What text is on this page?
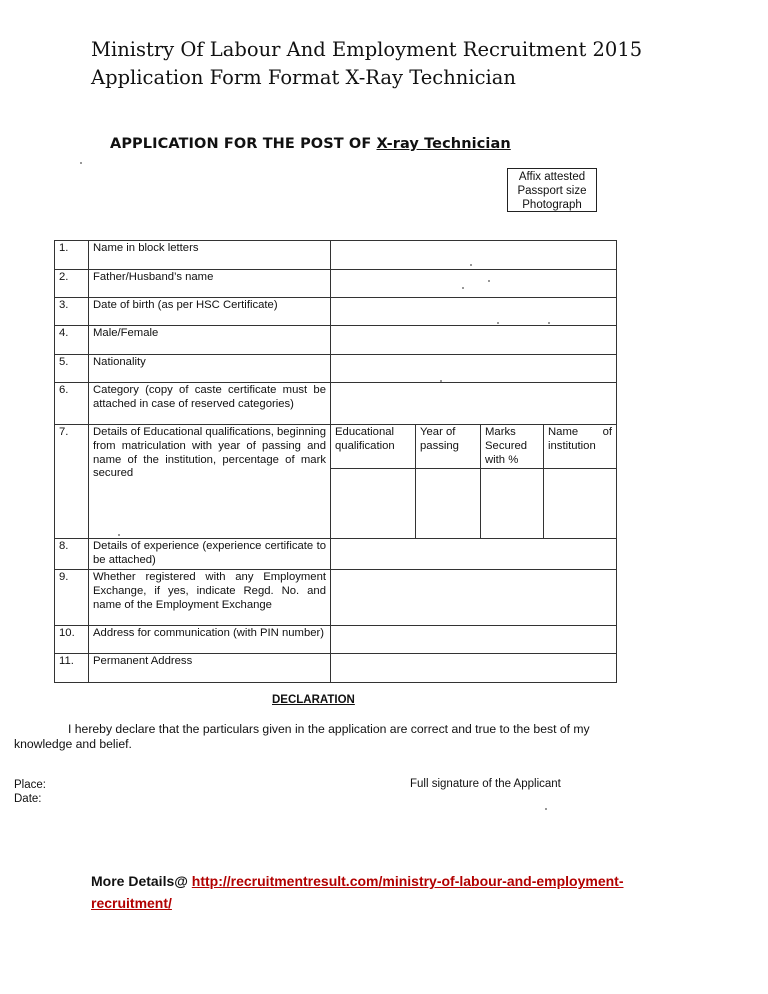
Ministry Of Labour And Employment Recruitment 2015
Application Form Format X-Ray Technician
APPLICATION FOR THE POST OF X-ray Technician
Affix attested
Passport size
Photograph
1.	Name in block letters				
2.	Father/Husband’s name				
3.	Date of birth (as per HSC Certificate)				
4.	Male/Female				
5.	Nationality				
6.	Category (copy of caste certificate must be attached in case of reserved categories)				
7.	Details of Educational qualifications, beginning from matriculation with year of passing and name of the institution, percentage of mark secured	Educational qualification	Year of passing	Marks Secured with %	Name of institution

8.	Details of experience (experience certificate to be attached)				
9.	Whether registered with any Employment Exchange, if yes, indicate Regd. No. and name of the Employment Exchange				
10.	Address for communication (with PIN number)				
11.	Permanent Address				
DECLARATION
I hereby declare that the particulars given in the application are correct and true to the best of my knowledge and belief.
Place:
Date:
Full signature of the Applicant
More Details@ http://recruitmentresult.com/ministry-of-labour-and-employment-recruitment/
